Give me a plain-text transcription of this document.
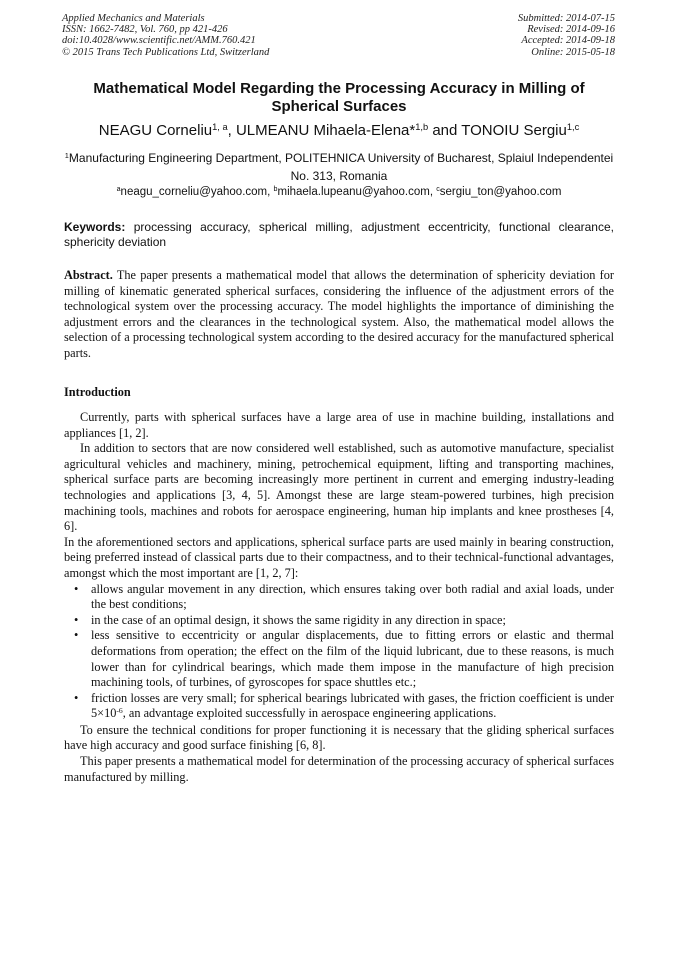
Applied Mechanics and Materials
ISSN: 1662-7482, Vol. 760, pp 421-426
doi:10.4028/www.scientific.net/AMM.760.421
© 2015 Trans Tech Publications Ltd, Switzerland
Submitted: 2014-07-15
Revised: 2014-09-16
Accepted: 2014-09-18
Online: 2015-05-18
Mathematical Model Regarding the Processing Accuracy in Milling of Spherical Surfaces
NEAGU Corneliu$^{1, a}$, ULMEANU Mihaela-Elena*$^{1,b}$ and TONOIU Sergiu$^{1,c}$
$^1$Manufacturing Engineering Department, POLITEHNICA University of Bucharest, Splaiul Independentei No. 313, Romania
$^a$neagu_corneliu@yahoo.com, $^b$mihaela.lupeanu@yahoo.com, $^c$sergiu_ton@yahoo.com
Keywords: processing accuracy, spherical milling, adjustment eccentricity, functional clearance, sphericity deviation

Abstract. The paper presents a mathematical model that allows the determination of sphericity deviation for milling of kinematic generated spherical surfaces, considering the influence of the adjustment errors of the technological system over the processing accuracy. The model highlights the importance of diminishing the adjustment errors and the clearances in the technological system. Also, the mathematical model allows the selection of a processing technological system according to the desired accuracy for the manufactured spherical parts.

Introduction

Currently, parts with spherical surfaces have a large area of use in machine building, installations and appliances [1, 2].

In addition to sectors that are now considered well established, such as automotive manufacture, specialist agricultural vehicles and machinery, mining, petrochemical equipment, lifting and transporting machines, spherical surface parts are becoming increasingly more pertinent in current and emerging industry-leading technologies and applications [3, 4, 5]. Amongst these are large steam-powered turbines, high precision machining tools, machines and robots for aerospace engineering, human hip implants and knee prostheses [4, 6].

In the aforementioned sectors and applications, spherical surface parts are used mainly in bearing construction, being preferred instead of classical parts due to their compactness, and to their technical-functional advantages, amongst which the most important are [1, 2, 7]:

• allows angular movement in any direction, which ensures taking over both radial and axial loads, under the best conditions;
• in the case of an optimal design, it shows the same rigidity in any direction in space;
• less sensitive to eccentricity or angular displacements, due to fitting errors or elastic and thermal deformations from operation; the effect on the film of the liquid lubricant, due to these reasons, is much lower than for cylindrical bearings, which made them impose in the manufacture of high precision machining tools, of turbines, of gyroscopes for space shuttles etc.;
• friction losses are very small; for spherical bearings lubricated with gases, the friction coefficient is under $5\times 10^{-6}$, an advantage exploited successfully in aerospace engineering applications.

To ensure the technical conditions for proper functioning it is necessary that the gliding spherical surfaces have high accuracy and good surface finishing [6, 8].

This paper presents a mathematical model for determination of the processing accuracy of spherical surfaces manufactured by milling.
